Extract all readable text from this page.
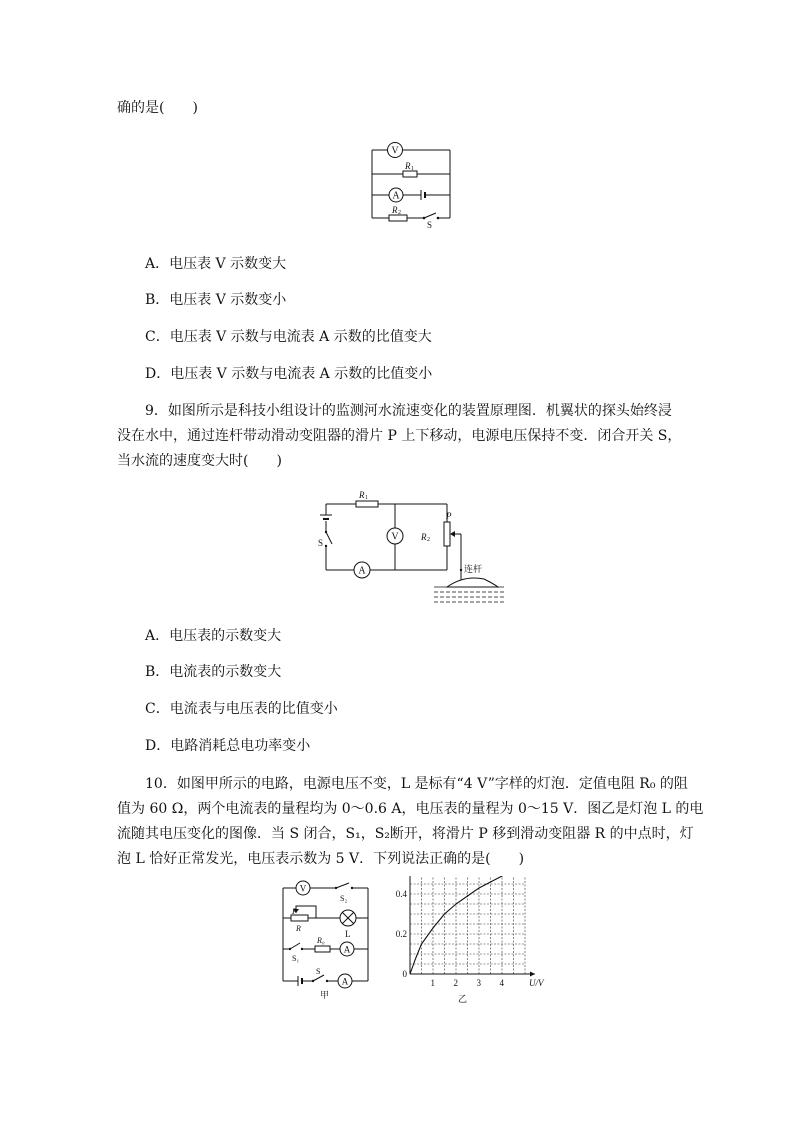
确的是(　　)
V
R 1
A
R 2
S
A．电压表 V 示数变大
B．电压表 V 示数变小
C．电压表 V 示数与电流表 A 示数的比值变大
D．电压表 V 示数与电流表 A 示数的比值变小
9．如图所示是科技小组设计的监测河水流速变化的装置原理图．机翼状的探头始终浸
没在水中，通过连杆带动滑动变阻器的滑片 P 上下移动，电源电压保持不变．闭合开关 S，
当水流的速度变大时(　　)
R 1
S
V
A
R 2
P
连杆
A．电压表的示数变大
B．电流表的示数变大
C．电流表与电压表的比值变小
D．电路消耗总电功率变小
10．如图甲所示的电路，电源电压不变，L 是标有“4 V”字样的灯泡．定值电阻 R₀ 的阻
值为 60 Ω，两个电流表的量程均为 0～0.6 A，电压表的量程为 0～15 V．图乙是灯泡 L 的电
流随其电压变化的图像．当 S 闭合，S₁，S₂断开，将滑片 P 移到滑动变阻器 R 的中点时，灯
泡 L 恰好正常发光，电压表示数为 5 V．下列说法正确的是(　　)
V
S₂
P
R
L
S₁
R₀
A
S
A
甲
1 2 3 4
0.2
0.4
0
U/V
乙
